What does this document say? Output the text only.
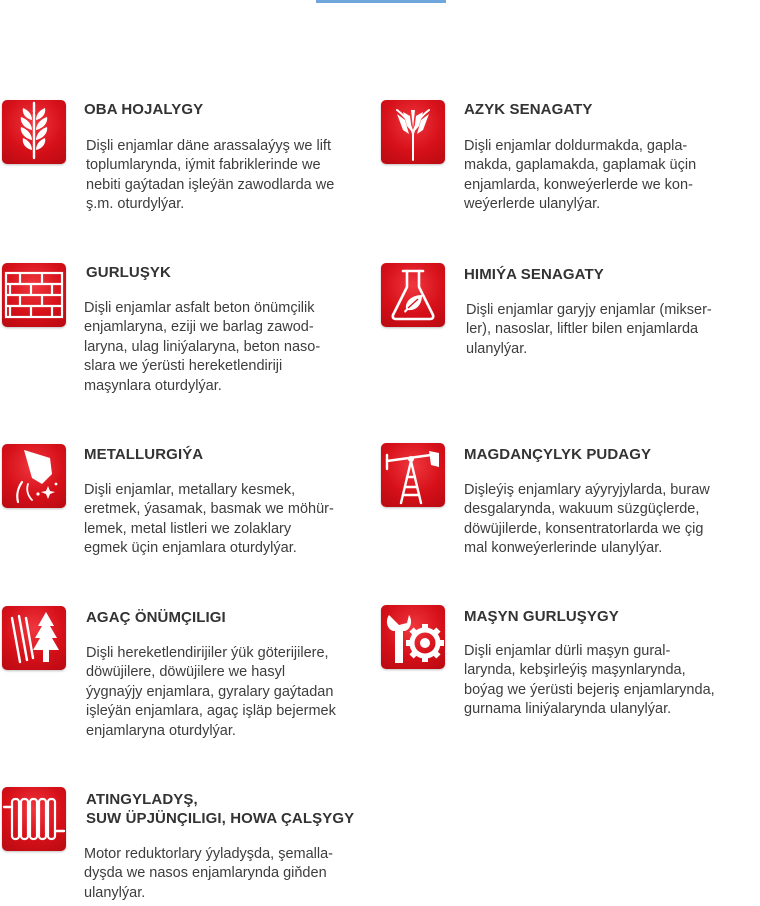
OBA HOJALYGY
Dişli enjamlar däne arassalaýyş we lift
toplumlarynda, iýmit fabriklerinde we
nebiti gaýtadan işleýän zawodlarda we
ş.m. oturdylýar.
AZYK SENAGATY
Dişli enjamlar doldurmakda, gapla-
makda, gaplamakda, gaplamak üçin
enjamlarda, konweýerlerde we kon-
weýerlerde ulanylýar.
GURLUŞYK
Dişli enjamlar asfalt beton önümçilik
enjamlaryna, eziji we barlag zawod-
laryna, ulag liniýalaryna, beton naso-
slara we ýerüsti hereketlendiriji
maşynlara oturdylýar.
HIMIÝA SENAGATY
Dişli enjamlar garyjy enjamlar (mikser-
ler), nasoslar, liftler bilen enjamlarda
ulanylýar.
METALLURGIÝA
Dişli enjamlar, metallary kesmek,
eretmek, ýasamak, basmak we möhür-
lemek, metal listleri we zolaklary
egmek üçin enjamlara oturdylýar.
MAGDANÇYLYK PUDAGY
Dişleýiş enjamlary aýyryjylarda, buraw
desgalarynda, wakuum süzgüçlerde,
döwüjilerde, konsentratorlarda we çig
mal konweýerlerinde ulanylýar.
AGAÇ ÖNÜMÇILIGI
Dişli hereketlendirijiler ýük göterijilere,
döwüjilere, döwüjilere we hasyl
ýygnaýjy enjamlara, gyralary gaýtadan
işleýän enjamlara, agaç işläp bejermek
enjamlaryna oturdylýar.
MAŞYN GURLUŞYGY
Dişli enjamlar dürli maşyn gural-
larynda, kebşirleýiş maşynlarynda,
boýag we ýerüsti bejeriş enjamlarynda,
gurnama liniýalarynda ulanylýar.
ATINGYLADYŞ,
SUW ÜPJÜNÇILIGI, HOWA ÇALŞYGY
Motor reduktorlary ýyladyşda, şemalla-
dyşda we nasos enjamlarynda giňden
ulanylýar.
